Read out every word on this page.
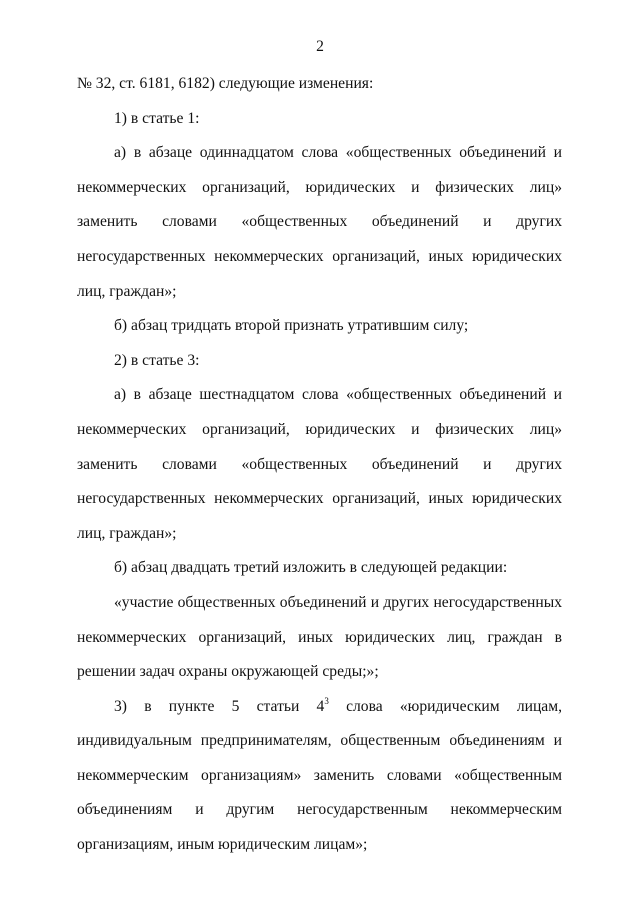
2

№ 32, ст. 6181, 6182) следующие изменения:

1) в статье 1:

а) в абзаце одиннадцатом слова «общественных объединений и некоммерческих организаций, юридических и физических лиц» заменить словами «общественных объединений и других негосударственных некоммерческих организаций, иных юридических лиц, граждан»;

б) абзац тридцать второй признать утратившим силу;

2) в статье 3:

а) в абзаце шестнадцатом слова «общественных объединений и некоммерческих организаций, юридических и физических лиц» заменить словами «общественных объединений и других негосударственных некоммерческих организаций, иных юридических лиц, граждан»;

б) абзац двадцать третий изложить в следующей редакции:

«участие общественных объединений и других негосударственных некоммерческих организаций, иных юридических лиц, граждан в решении задач охраны окружающей среды;»;

3) в пункте 5 статьи $4^3$ слова «юридическим лицам, индивидуальным предпринимателям, общественным объединениям и некоммерческим организациям» заменить словами «общественным объединениям и другим негосударственным некоммерческим организациям, иным юридическим лицам»;
